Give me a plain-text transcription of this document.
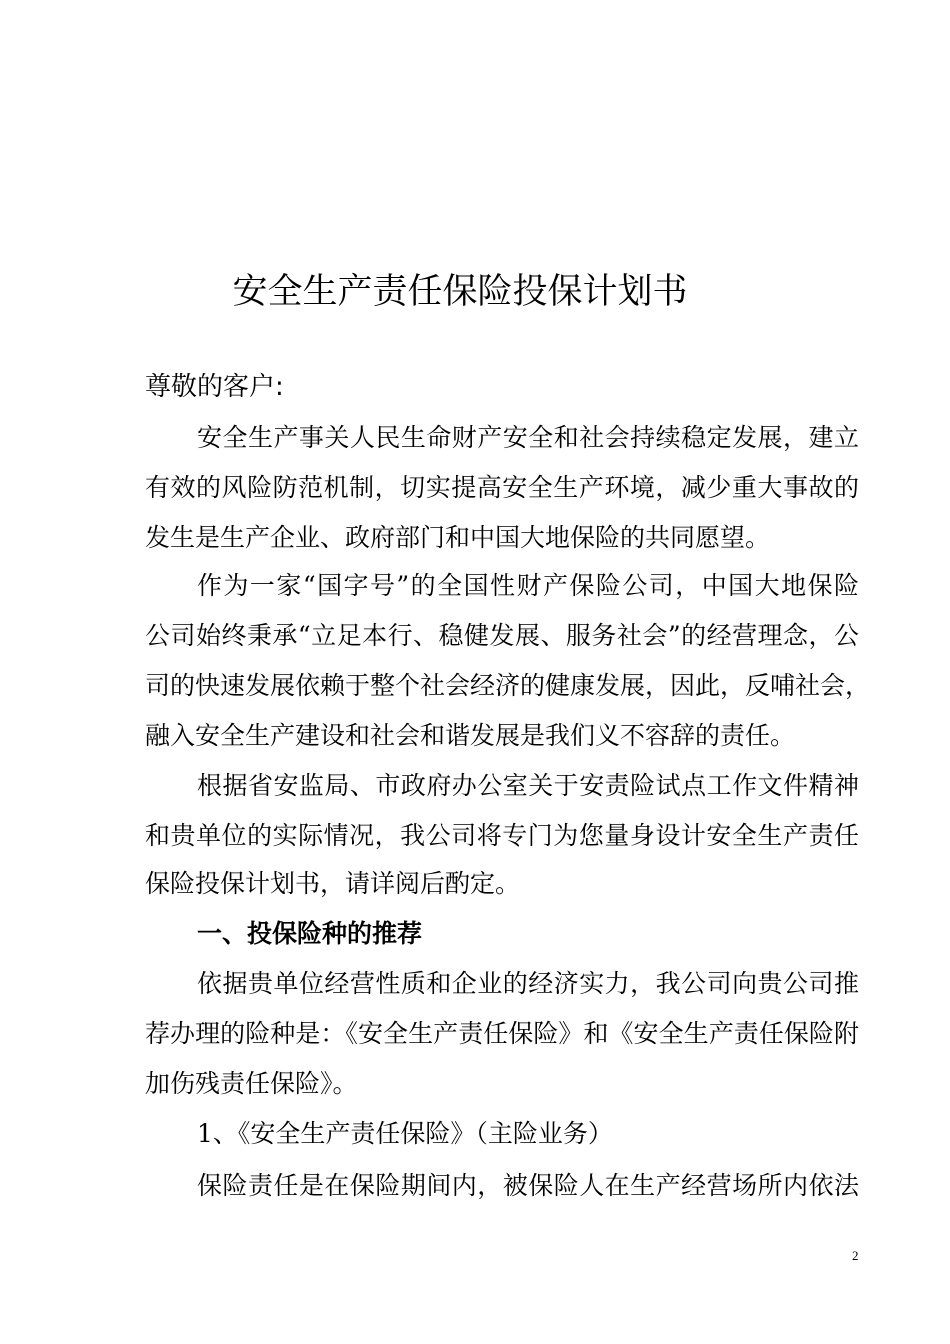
安全生产责任保险投保计划书
尊敬的客户:
安全生产事关人民生命财产安全和社会持续稳定发展，建立
有效的风险防范机制，切实提高安全生产环境，减少重大事故的
发生是生产企业、政府部门和中国大地保险的共同愿望。
作为一家“国字号”的全国性财产保险公司，中国大地保险
公司始终秉承“立足本行、稳健发展、服务社会”的经营理念，公
司的快速发展依赖于整个社会经济的健康发展，因此，反哺社会，
融入安全生产建设和社会和谐发展是我们义不容辞的责任。
根据省安监局、市政府办公室关于安责险试点工作文件精神
和贵单位的实际情况，我公司将专门为您量身设计安全生产责任
保险投保计划书，请详阅后酌定。
一、投保险种的推荐
依据贵单位经营性质和企业的经济实力，我公司向贵公司推
荐办理的险种是：《安全生产责任保险》和《安全生产责任保险附
加伤残责任保险》。
1、《安全生产责任保险》（主险业务）
保险责任是在保险期间内，被保险人在生产经营场所内依法
2
